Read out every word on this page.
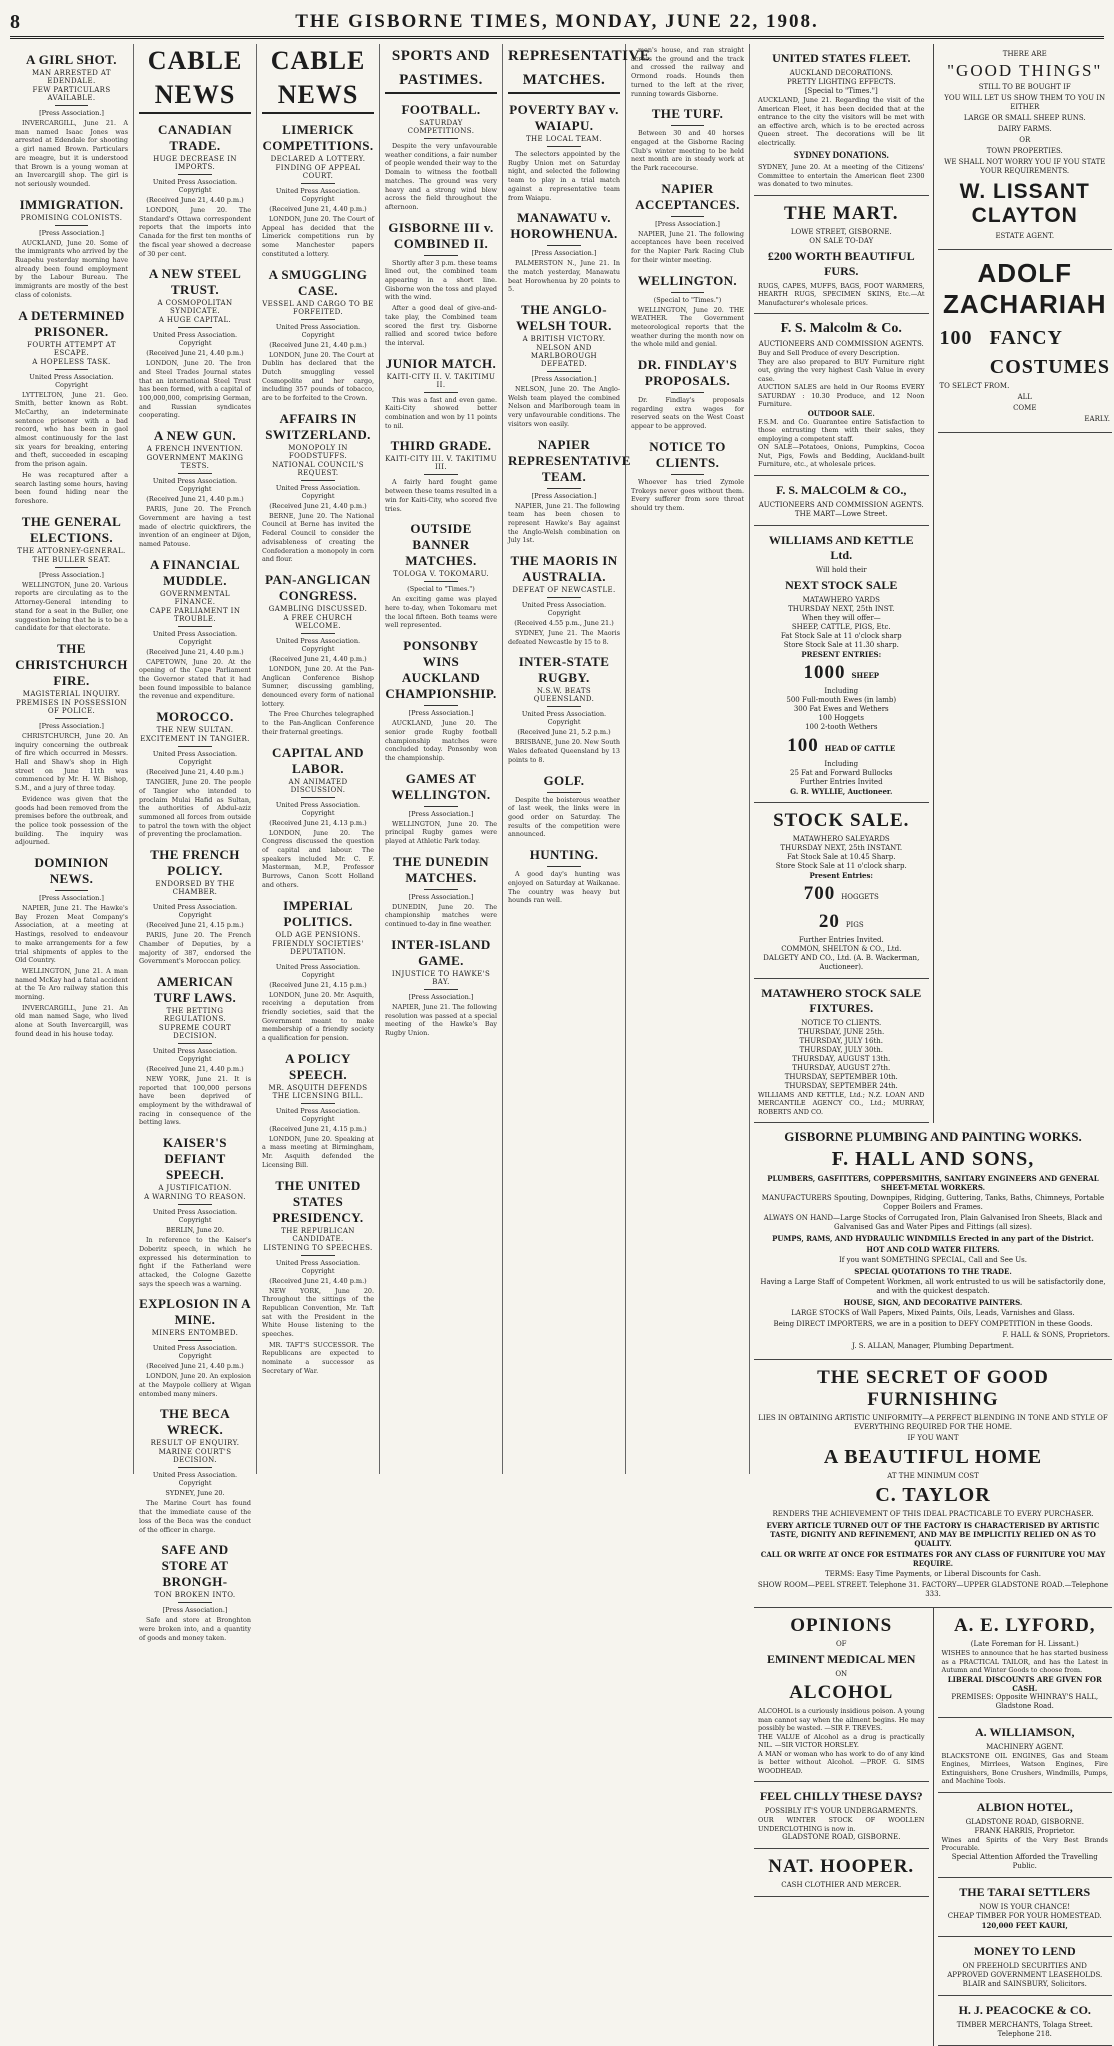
8	THE GISBORNE TIMES, MONDAY, JUNE 22, 1908.
A GIRL SHOT.
MAN ARRESTED AT EDENDALE.
FEW PARTICULARS AVAILABLE.
[Press Association.]
INVERCARGILL, June 21. A man named Isaac Jones was arrested at Edendale for shooting a girl named Brown. Particulars are meagre, but it is understood that Brown is a young woman at an Invercargill shop. The girl is not seriously wounded.
IMMIGRATION.
PROMISING COLONISTS.
[Press Association.]
AUCKLAND, June 20. Some of the immigrants who arrived by the Ruapehu yesterday morning have already been found employment by the Labour Bureau. The immigrants are mostly of the best class of colonists.
A DETERMINED PRISONER.
FOURTH ATTEMPT AT ESCAPE.
A HOPELESS TASK.
United Press Association. Copyright
LYTTELTON, June 21. Geo. Smith, better known as Robt. McCarthy, an indeterminate sentence prisoner with a bad record, who has been in gaol almost continuously for the last six years for breaking, entering and theft, succeeded in escaping from the prison again.
He was recaptured after a search lasting some hours, having been found hiding near the foreshore.
THE GENERAL ELECTIONS.
THE ATTORNEY-GENERAL.
THE BULLER SEAT.
[Press Association.]
WELLINGTON, June 20. Various reports are circulating as to the Attorney-General intending to stand for a seat in the Buller, one suggestion being that he is to be a candidate for that electorate.
THE CHRISTCHURCH FIRE.
MAGISTERIAL INQUIRY.
PREMISES IN POSSESSION OF POLICE.
[Press Association.]
CHRISTCHURCH, June 20. An inquiry concerning the outbreak of fire which occurred in Messrs. Hall and Shaw's shop in High street on June 11th was commenced by Mr. H. W. Bishop, S.M., and a jury of three today.
Evidence was given that the goods had been removed from the premises before the outbreak, and the police took possession of the building. The inquiry was adjourned.
DOMINION NEWS.
[Press Association.]
NAPIER, June 21. The Hawke's Bay Frozen Meat Company's Association, at a meeting at Hastings, resolved to endeavour to make arrangements for a few trial shipments of apples to the Old Country.
WELLINGTON, June 21. A man named McKay had a fatal accident at the Te Aro railway station this morning.
INVERCARGILL, June 21. An old man named Sage, who lived alone at South Invercargill, was found dead in his house today.
CABLE NEWS
CANADIAN TRADE.
HUGE DECREASE IN IMPORTS.
United Press Association. Copyright
(Received June 21, 4.40 p.m.)
LONDON, June 20. The Standard's Ottawa correspondent reports that the imports into Canada for the first ten months of the fiscal year showed a decrease of 30 per cent.
A NEW STEEL TRUST.
A COSMOPOLITAN SYNDICATE.
A HUGE CAPITAL.
United Press Association. Copyright
(Received June 21, 4.40 p.m.)
LONDON, June 20. The Iron and Steel Trades Journal states that an international Steel Trust has been formed, with a capital of 100,000,000, comprising German, and Russian syndicates cooperating.
A NEW GUN.
A FRENCH INVENTION.
GOVERNMENT MAKING TESTS.
United Press Association. Copyright
(Received June 21, 4.40 p.m.)
PARIS, June 20. The French Government are having a test made of electric quickfirers, the invention of an engineer at Dijon, named Patouse.
A FINANCIAL MUDDLE.
GOVERNMENTAL FINANCE.
CAPE PARLIAMENT IN TROUBLE.
United Press Association. Copyright
(Received June 21, 4.40 p.m.)
CAPETOWN, June 20. At the opening of the Cape Parliament the Governor stated that it had been found impossible to balance the revenue and expenditure.
MOROCCO.
THE NEW SULTAN.
EXCITEMENT IN TANGIER.
United Press Association. Copyright
(Received June 21, 4.40 p.m.)
TANGIER, June 20. The people of Tangier who intended to proclaim Mulai Hafid as Sultan, the authorities of Abdul-aziz summoned all forces from outside to patrol the town with the object of preventing the proclamation.
THE FRENCH POLICY.
ENDORSED BY THE CHAMBER.
United Press Association. Copyright
(Received June 21, 4.15 p.m.)
PARIS, June 20. The French Chamber of Deputies, by a majority of 387, endorsed the Government's Moroccan policy.
AMERICAN TURF LAWS.
THE BETTING REGULATIONS.
SUPREME COURT DECISION.
United Press Association. Copyright
(Received June 21, 4.40 p.m.)
NEW YORK, June 21. It is reported that 100,000 persons have been deprived of employment by the withdrawal of racing in consequence of the betting laws.
KAISER'S DEFIANT SPEECH.
A JUSTIFICATION.
A WARNING TO REASON.
United Press Association. Copyright
BERLIN, June 20.
In reference to the Kaiser's Doberitz speech, in which he expressed his determination to fight if the Fatherland were attacked, the Cologne Gazette says the speech was a warning.
EXPLOSION IN A MINE.
MINERS ENTOMBED.
United Press Association. Copyright
(Received June 21, 4.40 p.m.)
LONDON, June 20. An explosion at the Maypole colliery at Wigan entombed many miners.
THE BECA WRECK.
RESULT OF ENQUIRY.
MARINE COURT'S DECISION.
United Press Association. Copyright
SYDNEY, June 20.
The Marine Court has found that the immediate cause of the loss of the Beca was the conduct of the officer in charge.
SAFE AND STORE AT BRONGH-
TON BROKEN INTO.
[Press Association.]
Safe and store at Bronghton were broken into, and a quantity of goods and money taken.
CABLE NEWS
LIMERICK COMPETITIONS.
DECLARED A LOTTERY.
FINDING OF APPEAL COURT.
United Press Association. Copyright
(Received June 21, 4.40 p.m.)
LONDON, June 20. The Court of Appeal has decided that the Limerick competitions run by some Manchester papers constituted a lottery.
A SMUGGLING CASE.
VESSEL AND CARGO TO BE FORFEITED.
United Press Association. Copyright
(Received June 21, 4.40 p.m.)
LONDON, June 20. The Court at Dublin has declared that the Dutch smuggling vessel Cosmopolite and her cargo, including 357 pounds of tobacco, are to be forfeited to the Crown.
AFFAIRS IN SWITZERLAND.
MONOPOLY IN FOODSTUFFS.
NATIONAL COUNCIL'S REQUEST.
United Press Association. Copyright
(Received June 21, 4.40 p.m.)
BERNE, June 20. The National Council at Berne has invited the Federal Council to consider the advisableness of creating the Confederation a monopoly in corn and flour.
PAN-ANGLICAN CONGRESS.
GAMBLING DISCUSSED.
A FREE CHURCH WELCOME.
United Press Association. Copyright
(Received June 21, 4.40 p.m.)
LONDON, June 20. At the Pan-Anglican Conference Bishop Sumner, discussing gambling, denounced every form of national lottery.
The Free Churches telegraphed to the Pan-Anglican Conference their fraternal greetings.
CAPITAL AND LABOR.
AN ANIMATED DISCUSSION.
United Press Association. Copyright
(Received June 21, 4.13 p.m.)
LONDON, June 20. The Congress discussed the question of capital and labour. The speakers included Mr. C. F. Masterman, M.P., Professor Burrows, Canon Scott Holland and others.
IMPERIAL POLITICS.
OLD AGE PENSIONS.
FRIENDLY SOCIETIES' DEPUTATION.
United Press Association. Copyright
(Received June 21, 4.15 p.m.)
LONDON, June 20. Mr. Asquith, receiving a deputation from friendly societies, said that the Government meant to make membership of a friendly society a qualification for pension.
A POLICY SPEECH.
MR. ASQUITH DEFENDS THE LICENSING BILL.
United Press Association. Copyright
(Received June 21, 4.15 p.m.)
LONDON, June 20. Speaking at a mass meeting at Birmingham, Mr. Asquith defended the Licensing Bill.
THE UNITED STATES PRESIDENCY.
THE REPUBLICAN CANDIDATE.
LISTENING TO SPEECHES.
United Press Association. Copyright
(Received June 21, 4.40 p.m.)
NEW YORK, June 20. Throughout the sittings of the Republican Convention, Mr. Taft sat with the President in the White House listening to the speeches.
MR. TAFT'S SUCCESSOR. The Republicans are expected to nominate a successor as Secretary of War.
SPORTS AND PASTIMES.
FOOTBALL.
SATURDAY COMPETITIONS.
Despite the very unfavourable weather conditions, a fair number of people wended their way to the Domain to witness the football matches. The ground was very heavy and a strong wind blew across the field throughout the afternoon.
GISBORNE III v. COMBINED II.
Shortly after 3 p.m. these teams lined out, the combined team appearing in a short line. Gisborne won the toss and played with the wind.
After a good deal of give-and-take play, the Combined team scored the first try. Gisborne rallied and scored twice before the interval.
JUNIOR MATCH.
KAITI-CITY II. V. TAKITIMU II.
This was a fast and even game. Kaiti-City showed better combination and won by 11 points to nil.
THIRD GRADE.
KAITI-CITY III. V. TAKITIMU III.
A fairly hard fought game between these teams resulted in a win for Kaiti-City, who scored five tries.
OUTSIDE BANNER MATCHES.
TOLOGA V. TOKOMARU.
(Special to "Times.")
An exciting game was played here to-day, when Tokomaru met the local fifteen. Both teams were well represented.
PONSONBY WINS AUCKLAND CHAMPIONSHIP.
[Press Association.]
AUCKLAND, June 20. The senior grade Rugby football championship matches were concluded today. Ponsonby won the championship.
GAMES AT WELLINGTON.
[Press Association.]
WELLINGTON, June 20. The principal Rugby games were played at Athletic Park today.
THE DUNEDIN MATCHES.
[Press Association.]
DUNEDIN, June 20. The championship matches were continued to-day in fine weather.
INTER-ISLAND GAME.
INJUSTICE TO HAWKE'S BAY.
[Press Association.]
NAPIER, June 21. The following resolution was passed at a special meeting of the Hawke's Bay Rugby Union.
REPRESENTATIVE MATCHES.
POVERTY BAY v. WAIAPU.
THE LOCAL TEAM.
The selectors appointed by the Rugby Union met on Saturday night, and selected the following team to play in a trial match against a representative team from Waiapu.
MANAWATU v. HOROWHENUA.
[Press Association.]
PALMERSTON N., June 21. In the match yesterday, Manawatu beat Horowhenua by 20 points to 5.
THE ANGLO-WELSH TOUR.
A BRITISH VICTORY.
NELSON AND MARLBOROUGH DEFEATED.
[Press Association.]
NELSON, June 20. The Anglo-Welsh team played the combined Nelson and Marlborough team in very unfavourable conditions. The visitors won easily.
NAPIER REPRESENTATIVE TEAM.
[Press Association.]
NAPIER, June 21. The following team has been chosen to represent Hawke's Bay against the Anglo-Welsh combination on July 1st.
THE MAORIS IN AUSTRALIA.
DEFEAT OF NEWCASTLE.
United Press Association. Copyright
(Received 4.55 p.m., June 21.)
SYDNEY, June 21. The Maoris defeated Newcastle by 15 to 8.
INTER-STATE RUGBY.
N.S.W. BEATS QUEENSLAND.
United Press Association. Copyright
(Received June 21, 5.2 p.m.)
BRISBANE, June 20. New South Wales defeated Queensland by 13 points to 8.
GOLF.
Despite the boisterous weather of last week, the links were in good order on Saturday. The results of the competition were announced.
HUNTING.
A good day's hunting was enjoyed on Saturday at Waikanae. The country was heavy but hounds ran well.
men's house, and ran straight across the ground and the track and crossed the railway and Ormond roads. Hounds then turned to the left at the river, running towards Gisborne.
THE TURF.
Between 30 and 40 horses engaged at the Gisborne Racing Club's winter meeting to be held next month are in steady work at the Park racecourse.
NAPIER ACCEPTANCES.
[Press Association.]
NAPIER, June 21. The following acceptances have been received for the Napier Park Racing Club for their winter meeting.
WELLINGTON.
(Special to "Times.")
WELLINGTON, June 20. THE WEATHER. The Government meteorological reports that the weather during the month now on the whole mild and genial.
DR. FINDLAY'S PROPOSALS.
Dr. Findlay's proposals regarding extra wages for reserved seats on the West Coast appear to be approved.
NOTICE TO CLIENTS.
Whoever has tried Zymole Trokeys never goes without them. Every sufferer from sore throat should try them.
UNITED STATES FLEET.
AUCKLAND DECORATIONS.
PRETTY LIGHTING EFFECTS.
[Special to "Times."]
AUCKLAND, June 21. Regarding the visit of the American Fleet, it has been decided that at the entrance to the city the visitors will be met with an effective arch, which is to be erected across Queen street. The decorations will be lit electrically.
SYDNEY DONATIONS.
SYDNEY, June 20. At a meeting of the Citizens' Committee to entertain the American fleet 2300 was donated to two minutes.
THE MART.
LOWE STREET, GISBORNE.
ON SALE TO-DAY
£200 WORTH BEAUTIFUL FURS.
RUGS, CAPES, MUFFS, BAGS, FOOT WARMERS, HEARTH RUGS, SPECIMEN SKINS, Etc.—At Manufacturer's wholesale prices.
F. S. Malcolm & Co.
AUCTIONEERS AND COMMISSION AGENTS.
Buy and Sell Produce of every Description.
They are also prepared to BUY Furniture right out, giving the very highest Cash Value in every case.
AUCTION SALES are held in Our Rooms EVERY SATURDAY : 10.30 Produce, and 12 Noon Furniture.
OUTDOOR SALE.
F.S.M. and Co. Guarantee entire Satisfaction to those entrusting them with their sales, they employing a competent staff.
ON SALE—Potatoes, Onions, Pumpkins, Cocoa Nut, Pigs, Fowls and Bedding, Auckland-built Furniture, etc., at wholesale prices.
F. S. MALCOLM & CO.,
AUCTIONEERS AND COMMISSION AGENTS.
THE MART—Lowe Street.
WILLIAMS AND KETTLE Ltd.
Will hold their
NEXT STOCK SALE
MATAWHERO YARDS
THURSDAY NEXT, 25th INST.
When they will offer—
SHEEP, CATTLE, PIGS, Etc.
Fat Stock Sale at 11 o'clock sharp
Store Stock Sale at 11.30 sharp.
PRESENT ENTRIES:
1000 SHEEP
Including
500 Full-mouth Ewes (in lamb)
300 Fat Ewes and Wethers
100 Hoggets
100 2-tooth Wethers
100 HEAD OF CATTLE
Including
25 Fat and Forward Bullocks
Further Entries Invited
G. R. WYLLIE, Auctioneer.
STOCK SALE.
MATAWHERO SALEYARDS
THURSDAY NEXT, 25th INSTANT.
Fat Stock Sale at 10.45 Sharp.
Store Stock Sale at 11 o'clock sharp.
Present Entries:
700 HOGGETS
20 PIGS
Further Entries Invited.
COMMON, SHELTON & CO., Ltd.
DALGETY AND CO., Ltd. (A. B. Wackerman, Auctioneer).
MATAWHERO STOCK SALE FIXTURES.
NOTICE TO CLIENTS.
THURSDAY, JUNE 25th.
THURSDAY, JULY 16th.
THURSDAY, JULY 30th.
THURSDAY, AUGUST 13th.
THURSDAY, AUGUST 27th.
THURSDAY, SEPTEMBER 10th.
THURSDAY, SEPTEMBER 24th.
WILLIAMS AND KETTLE, Ltd.; N.Z. LOAN AND MERCANTILE AGENCY CO., Ltd.; MURRAY, ROBERTS AND CO.
THERE ARE
"GOOD THINGS"
STILL TO BE BOUGHT IF
YOU WILL LET US SHOW THEM TO YOU IN EITHER
LARGE OR SMALL SHEEP RUNS.
DAIRY FARMS.
OR
TOWN PROPERTIES.
WE SHALL NOT WORRY YOU IF YOU STATE YOUR REQUIREMENTS.
W. LISSANT CLAYTON
ESTATE AGENT.
ADOLF ZACHARIAH
100 FANCY
COSTUMES
TO SELECT FROM.
ALL
COME
EARLY.
GISBORNE PLUMBING AND PAINTING WORKS.
F. HALL AND SONS,
PLUMBERS, GASFITTERS, COPPERSMITHS, SANITARY ENGINEERS AND GENERAL SHEET-METAL WORKERS.
MANUFACTURERS Spouting, Downpipes, Ridging, Guttering, Tanks, Baths, Chimneys, Portable Copper Boilers and Frames.
ALWAYS ON HAND—Large Stocks of Corrugated Iron, Plain Galvanised Iron Sheets, Black and Galvanised Gas and Water Pipes and Fittings (all sizes).
PUMPS, RAMS, AND HYDRAULIC WINDMILLS Erected in any part of the District.
HOT AND COLD WATER FILTERS.
If you want SOMETHING SPECIAL, Call and See Us.
SPECIAL QUOTATIONS TO THE TRADE.
Having a Large Staff of Competent Workmen, all work entrusted to us will be satisfactorily done, and with the quickest despatch.
HOUSE, SIGN, AND DECORATIVE PAINTERS.
LARGE STOCKS of Wall Papers, Mixed Paints, Oils, Leads, Varnishes and Glass.
Being DIRECT IMPORTERS, we are in a position to DEFY COMPETITION in these Goods.
F. HALL & SONS, Proprietors.
J. S. ALLAN, Manager, Plumbing Department.
THE SECRET OF GOOD FURNISHING
LIES IN OBTAINING ARTISTIC UNIFORMITY—A PERFECT BLENDING IN TONE AND STYLE OF EVERYTHING REQUIRED FOR THE HOME.
IF YOU WANT
A BEAUTIFUL HOME
AT THE MINIMUM COST
C. TAYLOR
RENDERS THE ACHIEVEMENT OF THIS IDEAL PRACTICABLE TO EVERY PURCHASER.
EVERY ARTICLE TURNED OUT OF THE FACTORY IS CHARACTERISED BY ARTISTIC TASTE, DIGNITY AND REFINEMENT, AND MAY BE IMPLICITLY RELIED ON AS TO QUALITY.
CALL OR WRITE AT ONCE FOR ESTIMATES FOR ANY CLASS OF FURNITURE YOU MAY REQUIRE.
TERMS: Easy Time Payments, or Liberal Discounts for Cash.
SHOW ROOM—PEEL STREET. Telephone 31. FACTORY—UPPER GLADSTONE ROAD.—Telephone 333.
OPINIONS
OF
EMINENT MEDICAL MEN
ON
ALCOHOL
ALCOHOL is a curiously insidious poison. A young man cannot say when the ailment begins. He may possibly be wasted. —SIR F. TREVES.
THE VALUE of Alcohol as a drug is practically NIL. —SIR VICTOR HORSLEY.
A MAN or woman who has work to do of any kind is better without Alcohol. —PROF. G. SIMS WOODHEAD.
FEEL CHILLY THESE DAYS?
POSSIBLY IT'S YOUR UNDERGARMENTS.
OUR WINTER STOCK OF WOOLLEN UNDERCLOTHING is now in.
GLADSTONE ROAD, GISBORNE.
NAT. HOOPER.
CASH CLOTHIER AND MERCER.
A. E. LYFORD,
(Late Foreman for H. Lissant.)
WISHES to announce that he has started business as a PRACTICAL TAILOR, and has the Latest in Autumn and Winter Goods to choose from.
LIBERAL DISCOUNTS ARE GIVEN FOR CASH.
PREMISES: Opposite WHINRAY'S HALL, Gladstone Road.
A. WILLIAMSON,
MACHINERY AGENT.
BLACKSTONE OIL ENGINES, Gas and Steam Engines, Mirrlees, Watson Engines, Fire Extinguishers, Bone Crushers, Windmills, Pumps, and Machine Tools.
ALBION HOTEL,
GLADSTONE ROAD, GISBORNE.
FRANK HARRIS, Proprietor.
Wines and Spirits of the Very Best Brands Procurable.
Special Attention Afforded the Travelling Public.
THE TARAI SETTLERS
NOW IS YOUR CHANCE!
CHEAP TIMBER FOR YOUR HOMESTEAD.
120,000 FEET KAURI,
MONEY TO LEND
ON FREEHOLD SECURITIES AND APPROVED GOVERNMENT LEASEHOLDS.
BLAIR and SAINSBURY, Solicitors.
H. J. PEACOCKE & CO.
TIMBER MERCHANTS, Tolaga Street.
Telephone 218.
